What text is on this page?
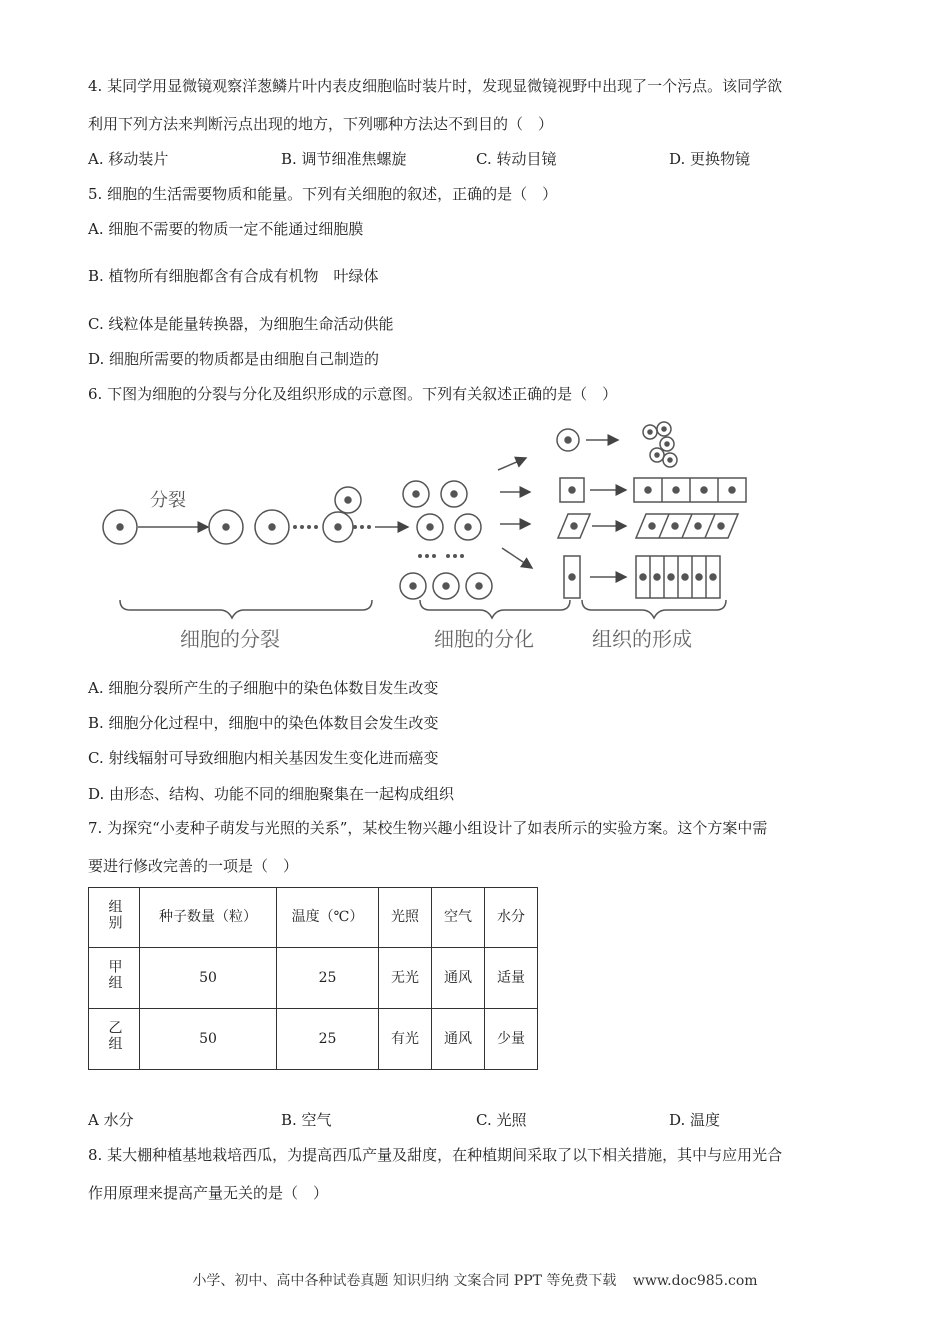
4. 某同学用显微镜观察洋葱鳞片叶内表皮细胞临时装片时，发现显微镜视野中出现了一个污点。该同学欲
利用下列方法来判断污点出现的地方，下列哪种方法达不到目的（　）
A. 移动装片	B. 调节细准焦螺旋	C. 转动目镜	D. 更换物镜
5. 细胞的生活需要物质和能量。下列有关细胞的叙述，正确的是（　）
A. 细胞不需要的物质一定不能通过细胞膜
B. 植物所有细胞都含有合成有机物　叶绿体
C. 线粒体是能量转换器，为细胞生命活动供能
D. 细胞所需要的物质都是由细胞自己制造的
6. 下图为细胞的分裂与分化及组织形成的示意图。下列有关叙述正确的是（　）
分裂
细胞的分裂	细胞的分化	组织的形成
A. 细胞分裂所产生的子细胞中的染色体数目发生改变
B. 细胞分化过程中，细胞中的染色体数目会发生改变
C. 射线辐射可导致细胞内相关基因发生变化进而癌变
D. 由形态、结构、功能不同的细胞聚集在一起构成组织
7. 为探究“小麦种子萌发与光照的关系”，某校生物兴趣小组设计了如表所示的实验方案。这个方案中需
要进行修改完善的一项是（　）
组别	种子数量（粒）	温度（℃）	光照	空气	水分
甲组	50	25	无光	通风	适量
乙组	50	25	有光	通风	少量
A 水分	B. 空气	C. 光照	D. 温度
8. 某大棚种植基地栽培西瓜，为提高西瓜产量及甜度，在种植期间采取了以下相关措施，其中与应用光合
作用原理来提高产量无关的是（　）
小学、初中、高中各种试卷真题 知识归纳 文案合同 PPT 等免费下载 www.doc985.com
